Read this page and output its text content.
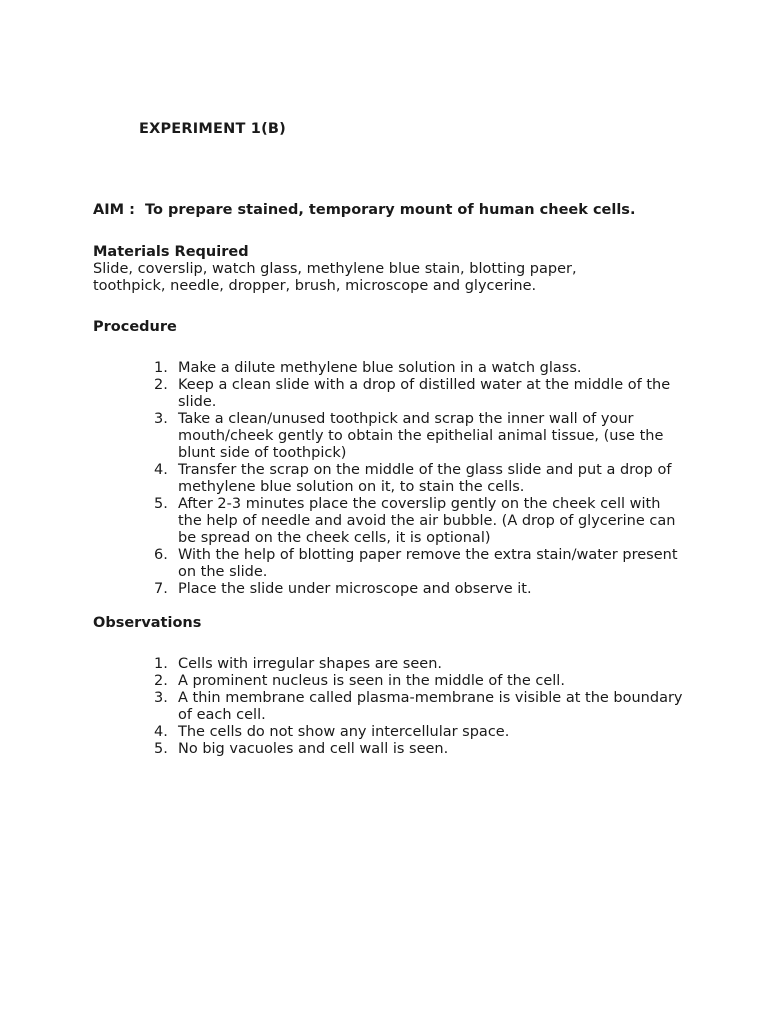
EXPERIMENT 1(B)
AIM :  To prepare stained, temporary mount of human cheek cells.
Materials Required
Slide, coverslip, watch glass, methylene blue stain, blotting paper, toothpick, needle, dropper, brush, microscope and glycerine.
Procedure
1. Make a dilute methylene blue solution in a watch glass.
2. Keep a clean slide with a drop of distilled water at the middle of the slide.
3. Take a clean/unused toothpick and scrap the inner wall of your mouth/cheek gently to obtain the epithelial animal tissue, (use the blunt side of toothpick)
4. Transfer the scrap on the middle of the glass slide and put a drop of methylene blue solution on it, to stain the cells.
5. After 2-3 minutes place the coverslip gently on the cheek cell with the help of needle and avoid the air bubble. (A drop of glycerine can be spread on the cheek cells, it is optional)
6. With the help of blotting paper remove the extra stain/water present on the slide.
7. Place the slide under microscope and observe it.
Observations
1. Cells with irregular shapes are seen.
2. A prominent nucleus is seen in the middle of the cell.
3. A thin membrane called plasma-membrane is visible at the boundary of each cell.
4. The cells do not show any intercellular space.
5. No big vacuoles and cell wall is seen.
